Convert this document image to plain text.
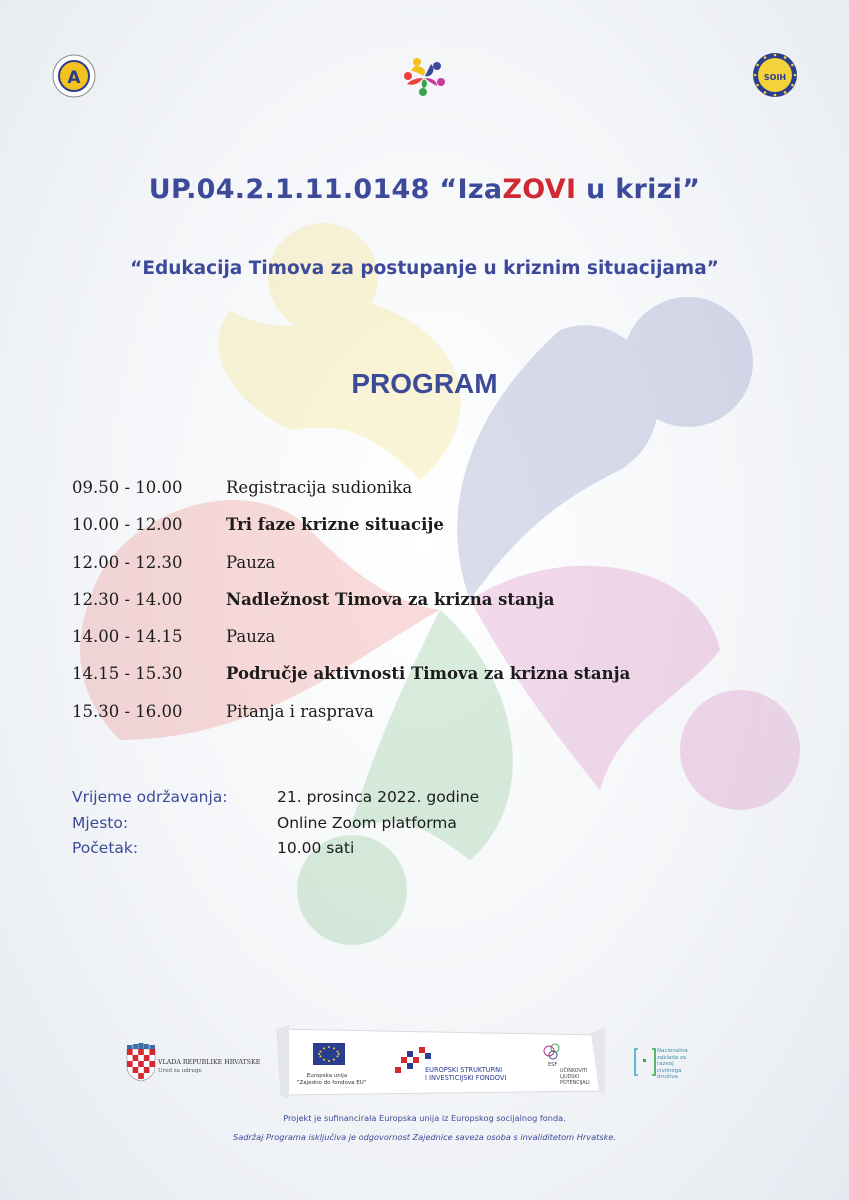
A	SOIH
UP.04.2.1.11.0148 “IzaZOVI u krizi”
“Edukacija Timova za postupanje u kriznim situacijama”
PROGRAM
09.50 - 10.00	Registracija sudionika
10.00 - 12.00	Tri faze krizne situacije
12.00 - 12.30	Pauza
12.30 - 14.00	Nadležnost Timova za krizna stanja
14.00 - 14.15	Pauza
14.15 - 15.30	Područje aktivnosti Timova za krizna stanja
15.30 - 16.00	Pitanja i rasprava
Vrijeme održavanja:	21. prosinca 2022. godine
Mjesto:	Online Zoom platforma
Početak:	10.00 sati
VLADA REPUBLIKE HRVATSKE
Ured za udruge
Europska unija
"Zajedno do fondova EU"
EUROPSKI STRUKTURNI
I INVESTICIJSKI FONDOVI
ESF
UČINKOVITI LJUDSKI POTENCIJALI
Nacionalna zaklada za razvoj civilnoga društva
Projekt je sufinancirala Europska unija iz Europskog socijalnog fonda.
Sadržaj Programa isključiva je odgovornost Zajednice saveza osoba s invaliditetom Hrvatske.
